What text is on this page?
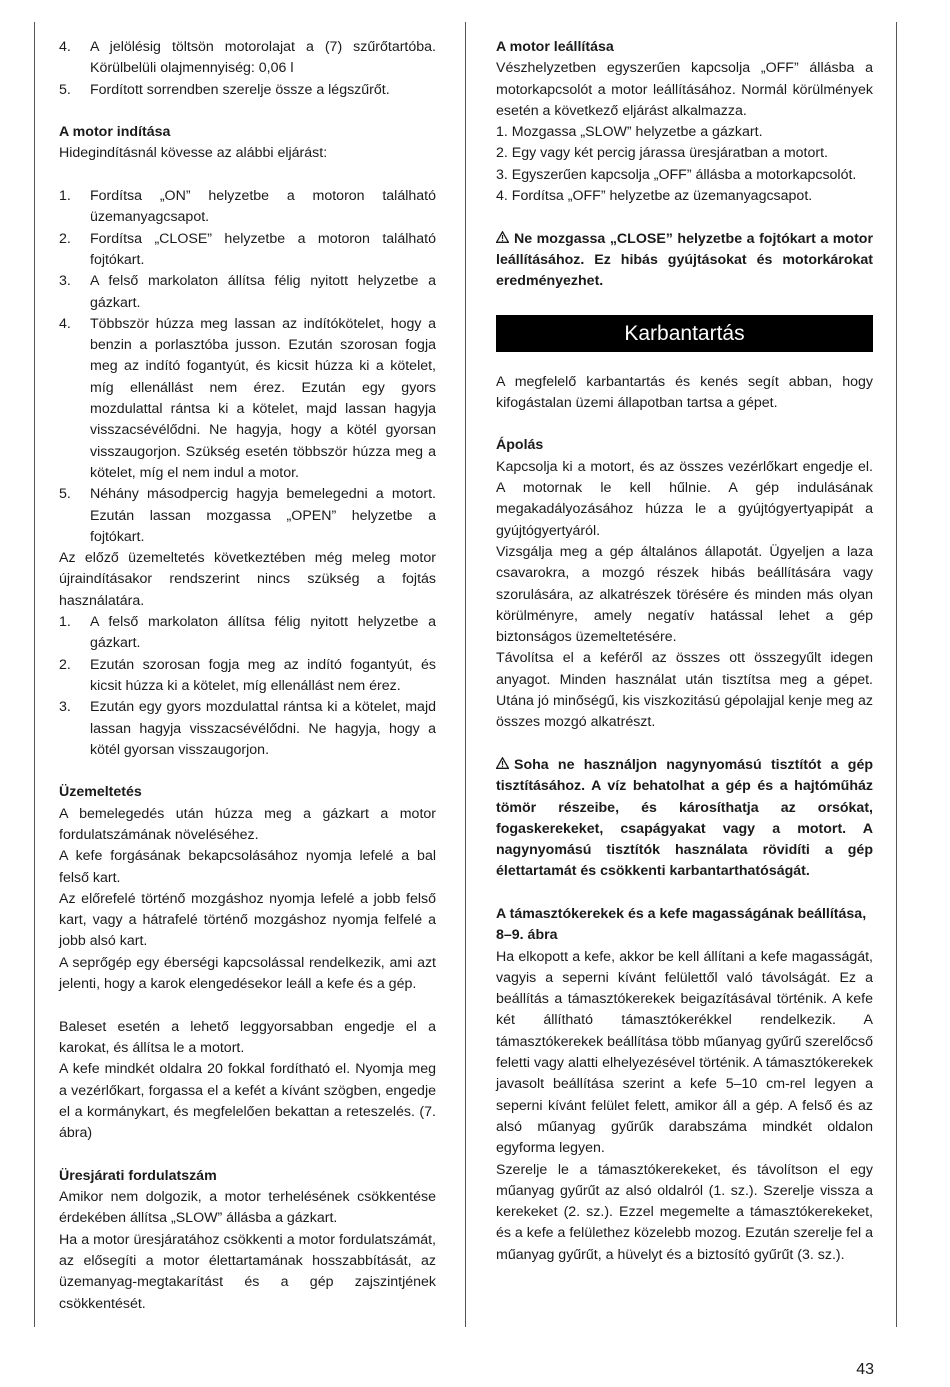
4.	A jelölésig töltsön motorolajat a (7) szűrőtartóba. Körülbelüli olajmennyiség: 0,06 l
5.	Fordított sorrendben szerelje össze a légszűrőt.
A motor indítása

Hidegindításnál kövesse az alábbi eljárást:

1.	Fordítsa „ON” helyzetbe a motoron található üzemanyagcsapot.
2.	Fordítsa „CLOSE” helyzetbe a motoron található fojtókart.
3.	A felső markolaton állítsa félig nyitott helyzetbe a gázkart.
4.	Többször húzza meg lassan az indítókötelet, hogy a benzin a porlasztóba jusson. Ezután szorosan fogja meg az indító fogantyút, és kicsit húzza ki a kötelet, míg ellenállást nem érez. Ezután egy gyors mozdulattal rántsa ki a kötelet, majd lassan hagyja visszacsévélődni. Ne hagyja, hogy a kötél gyorsan visszaugorjon. Szükség esetén többször húzza meg a kötelet, míg el nem indul a motor.
5.	Néhány másodpercig hagyja bemelegedni a motort. Ezután lassan mozgassa „OPEN” helyzetbe a fojtókart.

Az előző üzemeltetés következtében még meleg motor újraindításakor rendszerint nincs szükség a fojtás használatára.

1.	A felső markolaton állítsa félig nyitott helyzetbe a gázkart.
2.	Ezután szorosan fogja meg az indító fogantyút, és kicsit húzza ki a kötelet, míg ellenállást nem érez.
3.	Ezután egy gyors mozdulattal rántsa ki a kötelet, majd lassan hagyja visszacsévélődni. Ne hagyja, hogy a kötél gyorsan visszaugorjon.
Üzemeltetés

A bemelegedés után húzza meg a gázkart a motor fordulatszámának növeléséhez.

A kefe forgásának bekapcsolásához nyomja lefelé a bal felső kart.

Az előrefelé történő mozgáshoz nyomja lefelé a jobb felső kart, vagy a hátrafelé történő mozgáshoz nyomja felfelé a jobb alsó kart.

A seprőgép egy éberségi kapcsolással rendelkezik, ami azt jelenti, hogy a karok elengedésekor leáll a kefe és a gép.

Baleset esetén a lehető leggyorsabban engedje el a karokat, és állítsa le a motort.

A kefe mindkét oldalra 20 fokkal fordítható el. Nyomja meg a vezérlőkart, forgassa el a kefét a kívánt szögben, engedje el a kormánykart, és megfelelően bekattan a reteszelés. (7. ábra)

Üresjárati fordulatszám

Amikor nem dolgozik, a motor terhelésének csökkentése érdekében állítsa „SLOW” állásba a gázkart.

Ha a motor üresjáratához csökkenti a motor fordulatszámát, az elősegíti a motor élettartamának hosszabbítását, az üzemanyag-megtakarítást és a gép zajszintjének csökkentését.

A motor leállítása

Vészhelyzetben egyszerűen kapcsolja „OFF” állásba a motorkapcsolót a motor leállításához. Normál körülmények esetén a következő eljárást alkalmazza.

1. Mozgassa „SLOW” helyzetbe a gázkart.

2. Egy vagy két percig járassa üresjáratban a motort.

3. Egyszerűen kapcsolja „OFF” állásba a motorkapcsolót.

4. Fordítsa „OFF” helyzetbe az üzemanyagcsapot.

Ne mozgassa „CLOSE” helyzetbe a fojtókart a motor leállításához. Ez hibás gyújtásokat és motorkárokat eredményezhet.

Karbantartás

A megfelelő karbantartás és kenés segít abban, hogy kifogástalan üzemi állapotban tartsa a gépet.

Ápolás

Kapcsolja ki a motort, és az összes vezérlőkart engedje el. A motornak le kell hűlnie. A gép indulásának megakadályozásához húzza le a gyújtógyertyapipát a gyújtógyertyáról.

Vizsgálja meg a gép általános állapotát. Ügyeljen a laza csavarokra, a mozgó részek hibás beállítására vagy szorulására, az alkatrészek törésére és minden más olyan körülményre, amely negatív hatással lehet a gép biztonságos üzemeltetésére.

Távolítsa el a keféről az összes ott összegyűlt idegen anyagot. Minden használat után tisztítsa meg a gépet. Utána jó minőségű, kis viszkozitású gépolajjal kenje meg az összes mozgó alkatrészt.

Soha ne használjon nagynyomású tisztítót a gép tisztításához. A víz behatolhat a gép és a hajtóműház tömör részeibe, és károsíthatja az orsókat, fogaskerekeket, csapágyakat vagy a motort. A nagynyomású tisztítók használata rövidíti a gép élettartamát és csökkenti karbantarthatóságát.

A támasztókerekek és a kefe magasságának beállítása, 8–9. ábra

Ha elkopott a kefe, akkor be kell állítani a kefe magasságát, vagyis a seperni kívánt felülettől való távolságát. Ez a beállítás a támasztókerekek beigazításával történik. A kefe két állítható támasztókerékkel rendelkezik. A támasztókerekek beállítása több műanyag gyűrű szerelőcső feletti vagy alatti elhelyezésével történik. A támasztókerekek javasolt beállítása szerint a kefe 5–10 cm-rel legyen a seperni kívánt felület felett, amikor áll a gép. A felső és az alsó műanyag gyűrűk darabszáma mindkét oldalon egyforma legyen.

Szerelje le a támasztókerekeket, és távolítson el egy műanyag gyűrűt az alsó oldalról (1. sz.). Szerelje vissza a kerekeket (2. sz.). Ezzel megemelte a támasztókerekeket, és a kefe a felülethez közelebb mozog. Ezután szerelje fel a műanyag gyűrűt, a hüvelyt és a biztosító gyűrűt (3. sz.).

43
